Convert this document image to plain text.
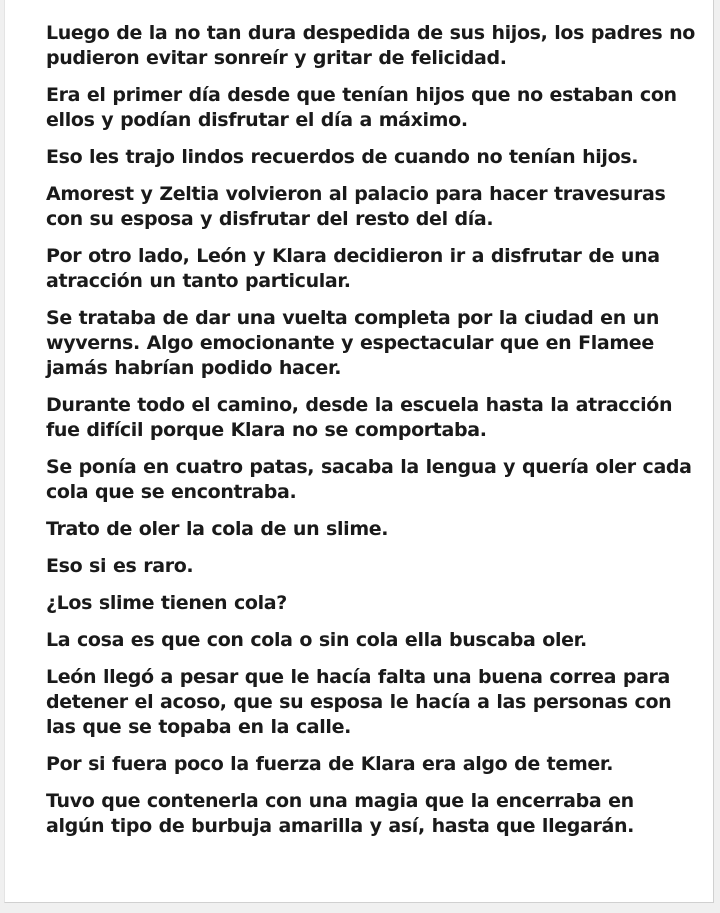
Luego de la no tan dura despedida de sus hijos, los padres no
pudieron evitar sonreír y gritar de felicidad.

Era el primer día desde que tenían hijos que no estaban con
ellos y podían disfrutar el día a máximo.

Eso les trajo lindos recuerdos de cuando no tenían hijos.

Amorest y Zeltia volvieron al palacio para hacer travesuras
con su esposa y disfrutar del resto del día.

Por otro lado, León y Klara decidieron ir a disfrutar de una
atracción un tanto particular.

Se trataba de dar una vuelta completa por la ciudad en un
wyverns. Algo emocionante y espectacular que en Flamee
jamás habrían podido hacer.

Durante todo el camino, desde la escuela hasta la atracción
fue difícil porque Klara no se comportaba.

Se ponía en cuatro patas, sacaba la lengua y quería oler cada
cola que se encontraba.

Trato de oler la cola de un slime.

Eso si es raro.

¿Los slime tienen cola?

La cosa es que con cola o sin cola ella buscaba oler.

León llegó a pesar que le hacía falta una buena correa para
detener el acoso, que su esposa le hacía a las personas con
las que se topaba en la calle.

Por si fuera poco la fuerza de Klara era algo de temer.

Tuvo que contenerla con una magia que la encerraba en
algún tipo de burbuja amarilla y así, hasta que llegarán.
